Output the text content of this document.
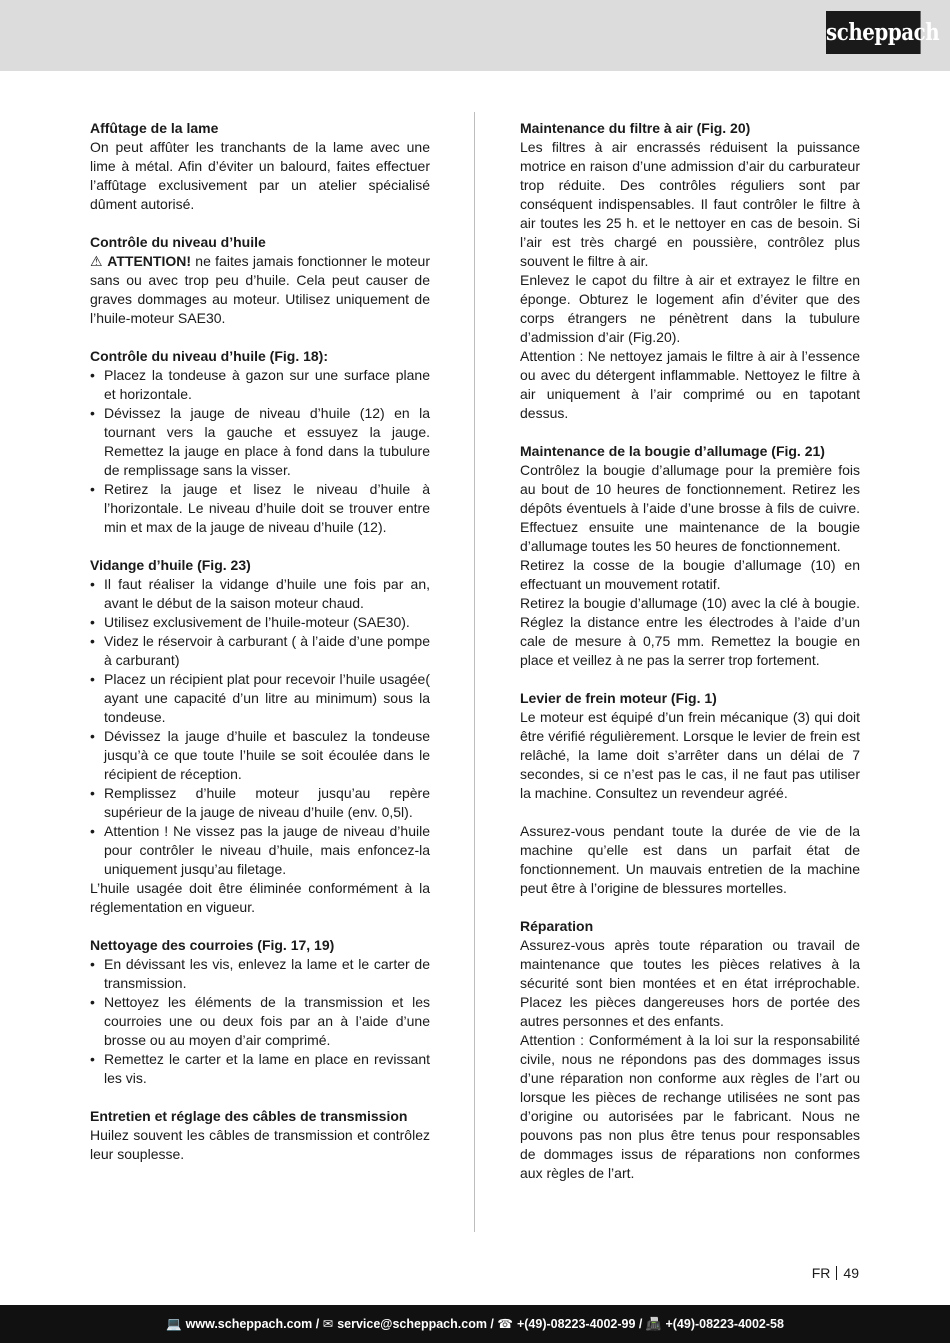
scheppach
Affûtage de la lame
On peut affûter les tranchants de la lame avec une lime à métal. Afin d’éviter un balourd, faites effectuer l’affûtage exclusivement par un atelier spécialisé dûment autorisé.
Contrôle du niveau d’huile
⚠ ATTENTION! ne faites jamais fonctionner le moteur sans ou avec trop peu d’huile. Cela peut causer de graves dommages au moteur. Utilisez uniquement de l’huile-moteur SAE30.
Contrôle du niveau d’huile (Fig. 18):
• Placez la tondeuse à gazon sur une surface plane et horizontale.
• Dévissez la jauge de niveau d’huile (12) en la tournant vers la gauche et essuyez la jauge. Remettez la jauge en place à fond dans la tubulure de remplissage sans la visser.
• Retirez la jauge et lisez le niveau d’huile à l’horizontale. Le niveau d’huile doit se trouver entre min et max de la jauge de niveau d’huile (12).
Vidange d’huile (Fig. 23)
• Il faut réaliser la vidange d’huile une fois par an, avant le début de la saison moteur chaud.
• Utilisez exclusivement de l’huile-moteur (SAE30).
• Videz le réservoir à carburant ( à l’aide d’une pompe à carburant)
• Placez un récipient plat pour recevoir l’huile usagée( ayant une capacité d’un litre au minimum) sous la tondeuse.
• Dévissez la jauge d’huile et basculez la tondeuse jusqu’à ce que toute l’huile se soit écoulée dans le récipient de réception.
• Remplissez d’huile moteur jusqu’au repère supérieur de la jauge de niveau d’huile (env. 0,5l).
• Attention ! Ne vissez pas la jauge de niveau d’huile pour contrôler le niveau d’huile, mais enfoncez-la uniquement jusqu’au filetage.
L’huile usagée doit être éliminée conformément à la réglementation en vigueur.
Nettoyage des courroies (Fig. 17, 19)
• En dévissant les vis, enlevez la lame et le carter de transmission.
• Nettoyez les éléments de la transmission et les courroies une ou deux fois par an à l’aide d’une brosse ou au moyen d’air comprimé.
• Remettez le carter et la lame en place en revissant les vis.
Entretien et réglage des câbles de transmission
Huilez souvent les câbles de transmission et contrôlez leur souplesse.
Maintenance du filtre à air (Fig. 20)
Les filtres à air encrassés réduisent la puissance motrice en raison d’une admission d’air du carburateur trop réduite. Des contrôles réguliers sont par conséquent indispensables. Il faut contrôler le filtre à air toutes les 25 h. et le nettoyer en cas de besoin. Si l’air est très chargé en poussière, contrôlez plus souvent le filtre à air.
Enlevez le capot du filtre à air et extrayez le filtre en éponge. Obturez le logement afin d’éviter que des corps étrangers ne pénètrent dans la tubulure d’admission d’air (Fig.20).
Attention : Ne nettoyez jamais le filtre à air à l’essence ou avec du détergent inflammable. Nettoyez le filtre à air uniquement à l’air comprimé ou en tapotant dessus.
Maintenance de la bougie d’allumage (Fig. 21)
Contrôlez la bougie d’allumage pour la première fois au bout de 10 heures de fonctionnement. Retirez les dépôts éventuels à l’aide d’une brosse à fils de cuivre. Effectuez ensuite une maintenance de la bougie d’allumage toutes les 50 heures de fonctionnement.
Retirez la cosse de la bougie d’allumage (10) en effectuant un mouvement rotatif.
Retirez la bougie d’allumage (10) avec la clé à bougie. Réglez la distance entre les électrodes à l’aide d’un cale de mesure à 0,75 mm. Remettez la bougie en place et veillez à ne pas la serrer trop fortement.
Levier de frein moteur (Fig. 1)
Le moteur est équipé d’un frein mécanique (3) qui doit être vérifié régulièrement. Lorsque le levier de frein est relâché, la lame doit s’arrêter dans un délai de 7 secondes, si ce n’est pas le cas, il ne faut pas utiliser la machine. Consultez un revendeur agréé.
Assurez-vous pendant toute la durée de vie de la machine qu’elle est dans un parfait état de fonctionnement. Un mauvais entretien de la machine peut être à l’origine de blessures mortelles.
Réparation
Assurez-vous après toute réparation ou travail de maintenance que toutes les pièces relatives à la sécurité sont bien montées et en état irréprochable. Placez les pièces dangereuses hors de portée des autres personnes et des enfants.
Attention : Conformément à la loi sur la responsabilité civile, nous ne répondons pas des dommages issus d’une réparation non conforme aux règles de l’art ou lorsque les pièces de rechange utilisées ne sont pas d’origine ou autorisées par le fabricant. Nous ne pouvons pas non plus être tenus pour responsables de dommages issus de réparations non conformes aux règles de l’art.
FR 49
💻 www.scheppach.com / ✉ service@scheppach.com / ☎ +(49)-08223-4002-99 / 📠 +(49)-08223-4002-58
